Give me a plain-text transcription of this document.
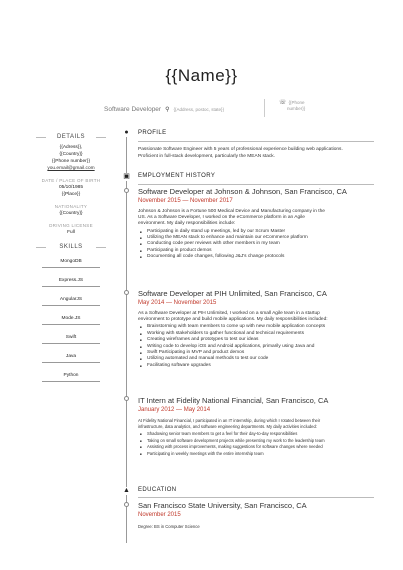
{{Name}}
Software Developer ⚲ {{Address, postoc, state}}
☏ {{Phone
number}}
DETAILS
{{Adress}},
{{Country}}
{{Phone number}}
you.email@gmail.com
DATE / PLACE OF BIRTH
05/10/1985
{{Place}}
NATIONALITY
{{Country}}
DRIVING LICENSE
Full
SKILLS
MongoDB
Express.JS
AngularJS
Mode.JS
Swift
Java
Python
●
▣
▲
PROFILE
Passionate Software Engineer with 5 years of professional experience building web applications.
Proficient in full-stack development, particularly the MEAN stack.
EMPLOYMENT HISTORY
Software Developer at Johnson & Johnson, San Francisco, CA
November 2015 — November 2017
Johnson & Johnson is a Fortune 500 Medical Device and Manufacturing company in the
US. As a Software Developer, I worked on the eCommerce platform in an Agile
environment. My daily responsibilities include:
■ Participating in daily stand up meetings, led by our Scrum Master
■ Utilizing the MEAN stack to enhance and maintain our eCommerce platform
■ Conducting code peer reviews with other members in my team
■ Participating in product demos
■ Documenting all code changes, following J&J's change protocols
Software Developer at PIH Unlimited, San Francisco, CA
May 2014 — November 2015
As a Software Developer at PIH Unlimited, I worked on a small Agile team in a startup
environment to prototype and build mobile applications. My daily responsibilities included:
■ Brainstorming with team members to come up with new mobile application concepts
■ Working with stakeholders to gather functional and technical requirements
■ Creating wireframes and prototypes to test our ideas
■ Writing code to develop iOS and Android applications, primarily using Java and
■ Swift Participating in MVP and product demos
■ Utilizing automated and manual methods to test our code
■ Facilitating software upgrades
IT Intern at Fidelity National Financial, San Francisco, CA
January 2012 — May 2014
At Fidelity National Financial, I participated in an IT internship, during which I rotated between their
infrastructure, data analytics, and software engineering departments. My daily activities included:
■ Shadowing senior team members to get a feel for their day-to-day responsibilities
■ Taking on small software development projects while presenting my work to the leadership team
■ Assisting with process improvements, making suggestions for software changes where needed
■ Participating in weekly meetings with the entire internship team
EDUCATION
San Francisco State University, San Francisco, CA
November 2015
Degree: BS in Computer Science
